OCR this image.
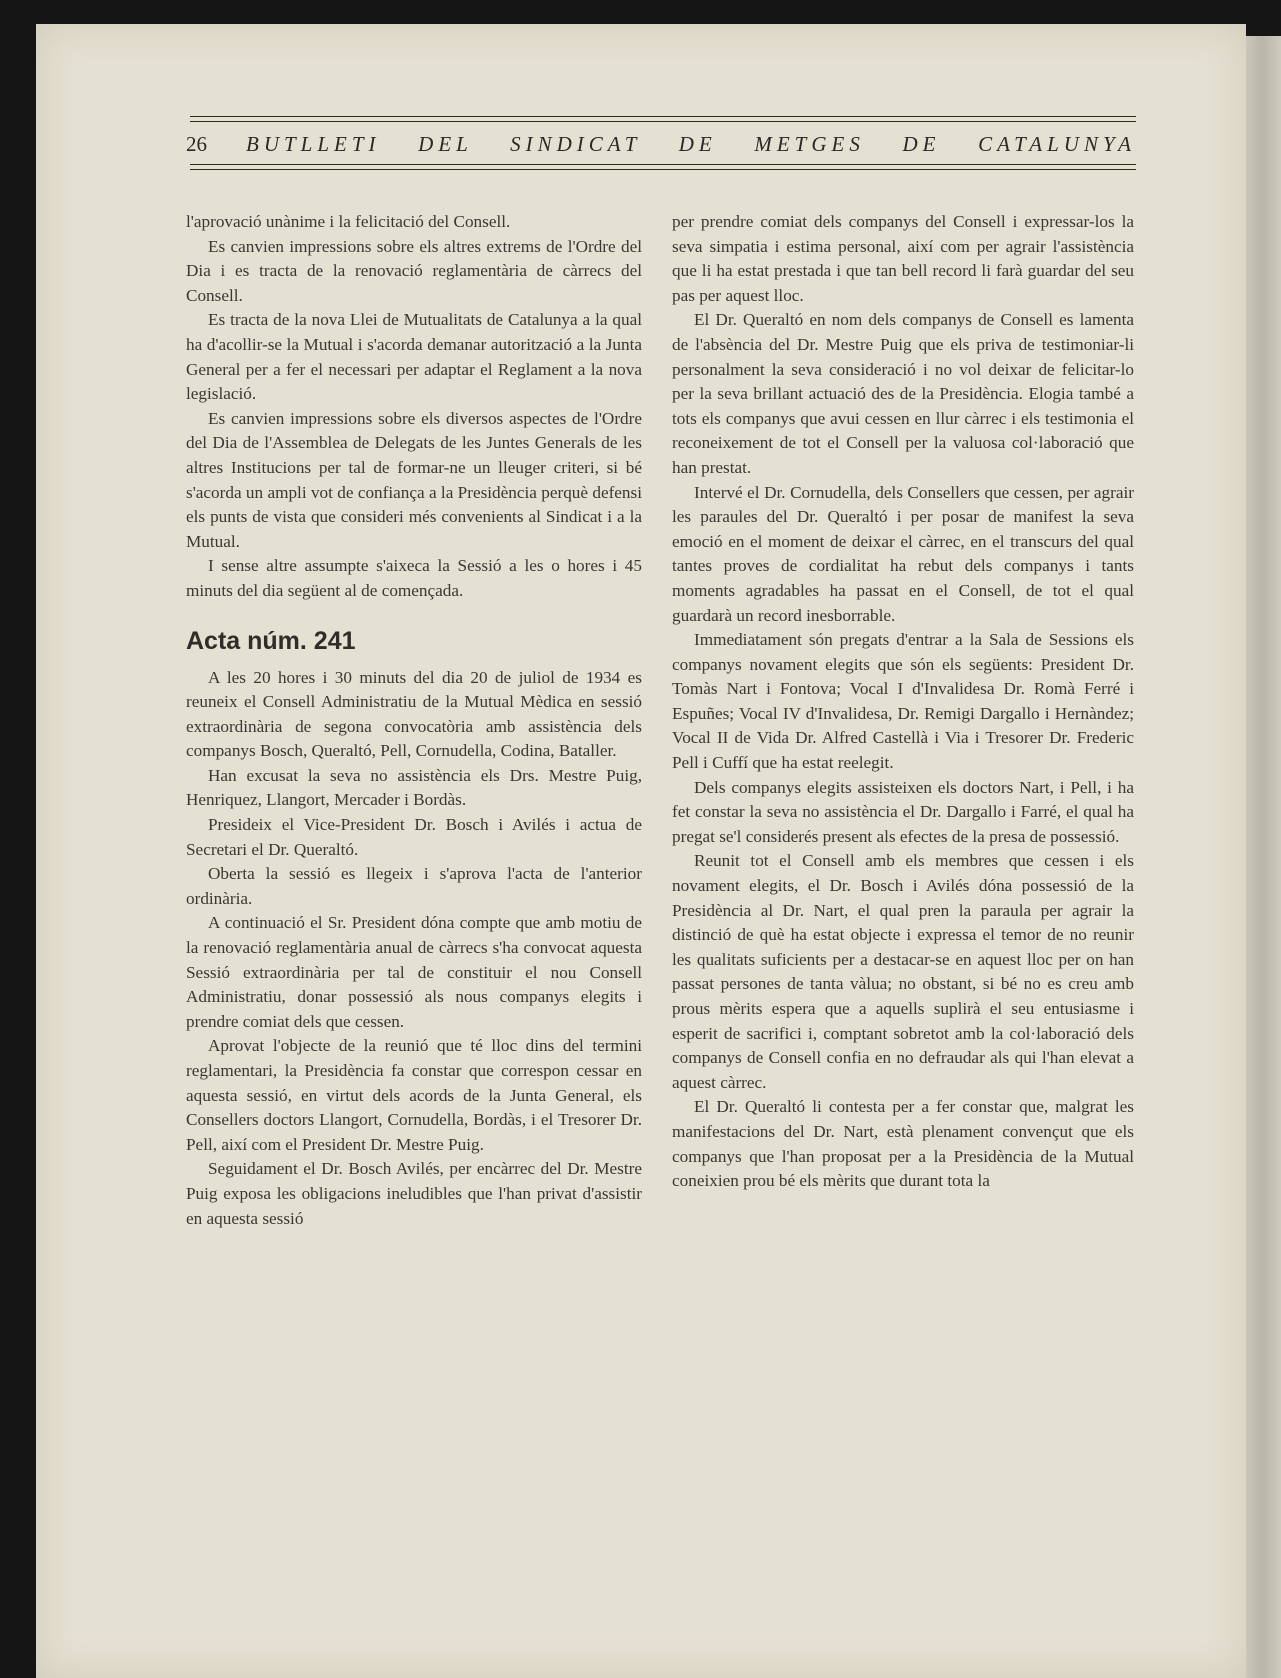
26	BUTLLETI DEL SINDICAT DE METGES DE CATALUNYA

l'aprovació unànime i la felicitació del Consell.

Es canvien impressions sobre els altres extrems de l'Ordre del Dia i es tracta de la renovació reglamentària de càrrecs del Consell.

Es tracta de la nova Llei de Mutualitats de Catalunya a la qual ha d'acollir-se la Mutual i s'acorda demanar autorització a la Junta General per a fer el necessari per adaptar el Reglament a la nova legislació.

Es canvien impressions sobre els diversos aspectes de l'Ordre del Dia de l'Assemblea de Delegats de les Juntes Generals de les altres Institucions per tal de formar-ne un lleuger criteri, si bé s'acorda un ampli vot de confiança a la Presidència perquè defensi els punts de vista que consideri més convenients al Sindicat i a la Mutual.

I sense altre assumpte s'aixeca la Sessió a les o hores i 45 minuts del dia següent al de començada.

Acta núm. 241

A les 20 hores i 30 minuts del dia 20 de juliol de 1934 es reuneix el Consell Administratiu de la Mutual Mèdica en sessió extraordinària de segona convocatòria amb assistència dels companys Bosch, Queraltó, Pell, Cornudella, Codina, Bataller.

Han excusat la seva no assistència els Drs. Mestre Puig, Henriquez, Llangort, Mercader i Bordàs.

Presideix el Vice-President Dr. Bosch i Avilés i actua de Secretari el Dr. Queraltó.

Oberta la sessió es llegeix i s'aprova l'acta de l'anterior ordinària.

A continuació el Sr. President dóna compte que amb motiu de la renovació reglamentària anual de càrrecs s'ha convocat aquesta Sessió extraordinària per tal de constituir el nou Consell Administratiu, donar possessió als nous companys elegits i prendre comiat dels que cessen.

Aprovat l'objecte de la reunió que té lloc dins del termini reglamentari, la Presidència fa constar que correspon cessar en aquesta sessió, en virtut dels acords de la Junta General, els Consellers doctors Llangort, Cornudella, Bordàs, i el Tresorer Dr. Pell, així com el President Dr. Mestre Puig.

Seguidament el Dr. Bosch Avilés, per encàrrec del Dr. Mestre Puig exposa les obligacions ineludibles que l'han privat d'assistir en aquesta sessió

per prendre comiat dels companys del Consell i expressar-los la seva simpatia i estima personal, així com per agrair l'assistència que li ha estat prestada i que tan bell record li farà guardar del seu pas per aquest lloc.

El Dr. Queraltó en nom dels companys de Consell es lamenta de l'absència del Dr. Mestre Puig que els priva de testimoniar-li personalment la seva consideració i no vol deixar de felicitar-lo per la seva brillant actuació des de la Presidència. Elogia també a tots els companys que avui cessen en llur càrrec i els testimonia el reconeixement de tot el Consell per la valuosa col·laboració que han prestat.

Intervé el Dr. Cornudella, dels Consellers que cessen, per agrair les paraules del Dr. Queraltó i per posar de manifest la seva emoció en el moment de deixar el càrrec, en el transcurs del qual tantes proves de cordialitat ha rebut dels companys i tants moments agradables ha passat en el Consell, de tot el qual guardarà un record inesborrable.

Immediatament són pregats d'entrar a la Sala de Sessions els companys novament elegits que són els següents: President Dr. Tomàs Nart i Fontova; Vocal I d'Invalidesa Dr. Romà Ferré i Espuñes; Vocal IV d'Invalidesa, Dr. Remigi Dargallo i Hernàndez; Vocal II de Vida Dr. Alfred Castellà i Via i Tresorer Dr. Frederic Pell i Cuffí que ha estat reelegit.

Dels companys elegits assisteixen els doctors Nart, i Pell, i ha fet constar la seva no assistència el Dr. Dargallo i Farré, el qual ha pregat se'l considerés present als efectes de la presa de possessió.

Reunit tot el Consell amb els membres que cessen i els novament elegits, el Dr. Bosch i Avilés dóna possessió de la Presidència al Dr. Nart, el qual pren la paraula per agrair la distinció de què ha estat objecte i expressa el temor de no reunir les qualitats suficients per a destacar-se en aquest lloc per on han passat persones de tanta vàlua; no obstant, si bé no es creu amb prous mèrits espera que a aquells suplirà el seu entusiasme i esperit de sacrifici i, comptant sobretot amb la col·laboració dels companys de Consell confia en no defraudar als qui l'han elevat a aquest càrrec.

El Dr. Queraltó li contesta per a fer constar que, malgrat les manifestacions del Dr. Nart, està plenament convençut que els companys que l'han proposat per a la Presidència de la Mutual coneixien prou bé els mèrits que durant tota la
